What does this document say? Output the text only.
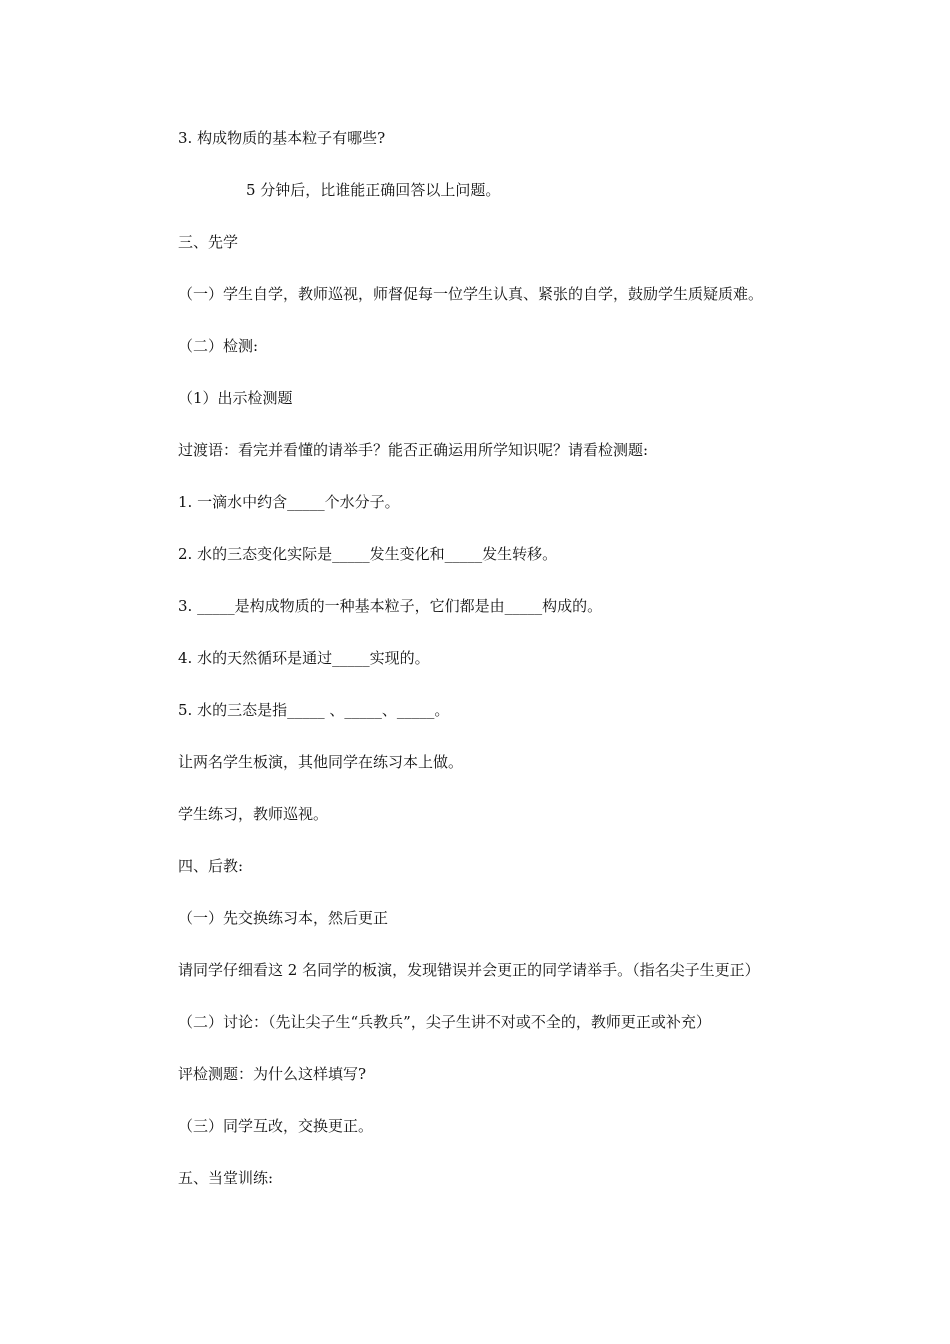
3. 构成物质的基本粒子有哪些?
5 分钟后，比谁能正确回答以上问题。
三、先学
（一）学生自学，教师巡视，师督促每一位学生认真、紧张的自学，鼓励学生质疑质难。
（二）检测:
（1）出示检测题
过渡语：看完并看懂的请举手？能否正确运用所学知识呢？请看检测题:
1. 一滴水中约含_____个水分子。
2. 水的三态变化实际是_____发生变化和_____发生转移。
3. _____是构成物质的一种基本粒子，它们都是由_____构成的。
4. 水的天然循环是通过_____实现的。
5. 水的三态是指_____ 、_____、_____。
让两名学生板演，其他同学在练习本上做。
学生练习，教师巡视。
四、后教:
（一）先交换练习本，然后更正
请同学仔细看这 2 名同学的板演，发现错误并会更正的同学请举手。（指名尖子生更正）
（二）讨论：（先让尖子生“兵教兵”，尖子生讲不对或不全的，教师更正或补充）
评检测题：为什么这样填写?
（三）同学互改，交换更正。
五、当堂训练:
